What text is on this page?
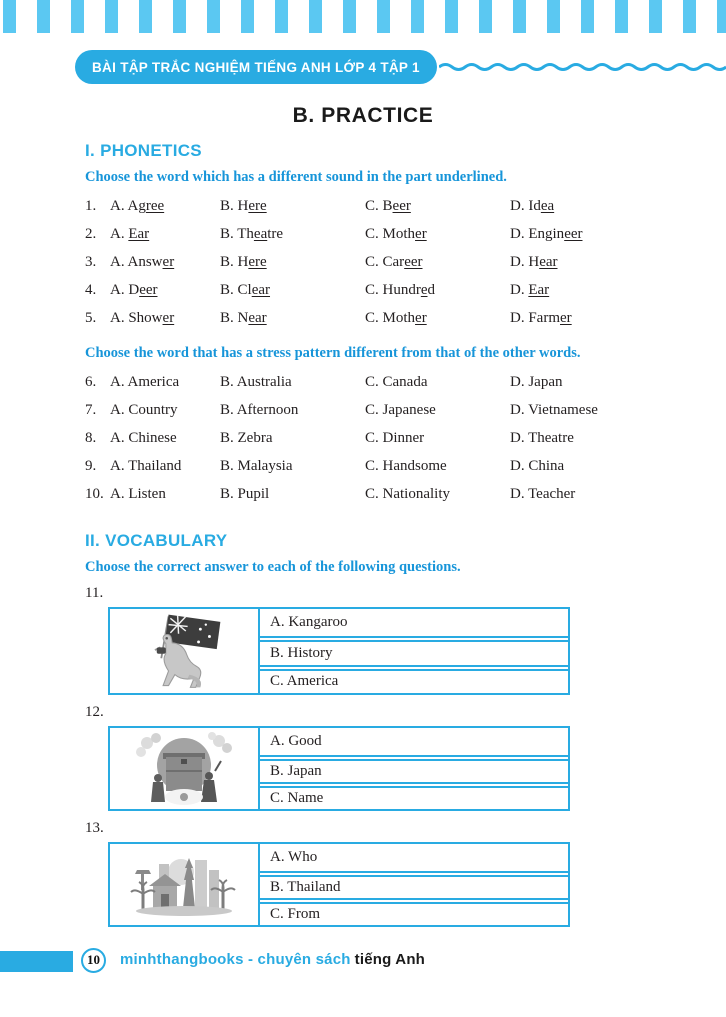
BÀI TẬP TRẮC NGHIỆM TIẾNG ANH LỚP 4 TẬP 1
B. PRACTICE
I. PHONETICS

Choose the word which has a different sound in the part underlined.

1. A. Agree	B. Here	C. Beer	D. Idea
2. A. Ear	B. Theatre	C. Mother	D. Engineer
3. A. Answer	B. Here	C. Career	D. Hear
4. A. Deer	B. Clear	C. Hundred	D. Ear
5. A. Shower	B. Near	C. Mother	D. Farmer

Choose the word that has a stress pattern different from that of the other words.

6. A. America	B. Australia	C. Canada	D. Japan
7. A. Country	B. Afternoon	C. Japanese	D. Vietnamese
8. A. Chinese	B. Zebra	C. Dinner	D. Theatre
9. A. Thailand	B. Malaysia	C. Handsome	D. China
10. A. Listen	B. Pupil	C. Nationality	D. Teacher
II. VOCABULARY

Choose the correct answer to each of the following questions.

11.
A. Kangaroo
B. History
C. America
12.
A. Good
B. Japan
C. Name
13.
A. Who
B. Thailand
C. From
10	minhthangbooks - chuyên sách tiếng Anh
